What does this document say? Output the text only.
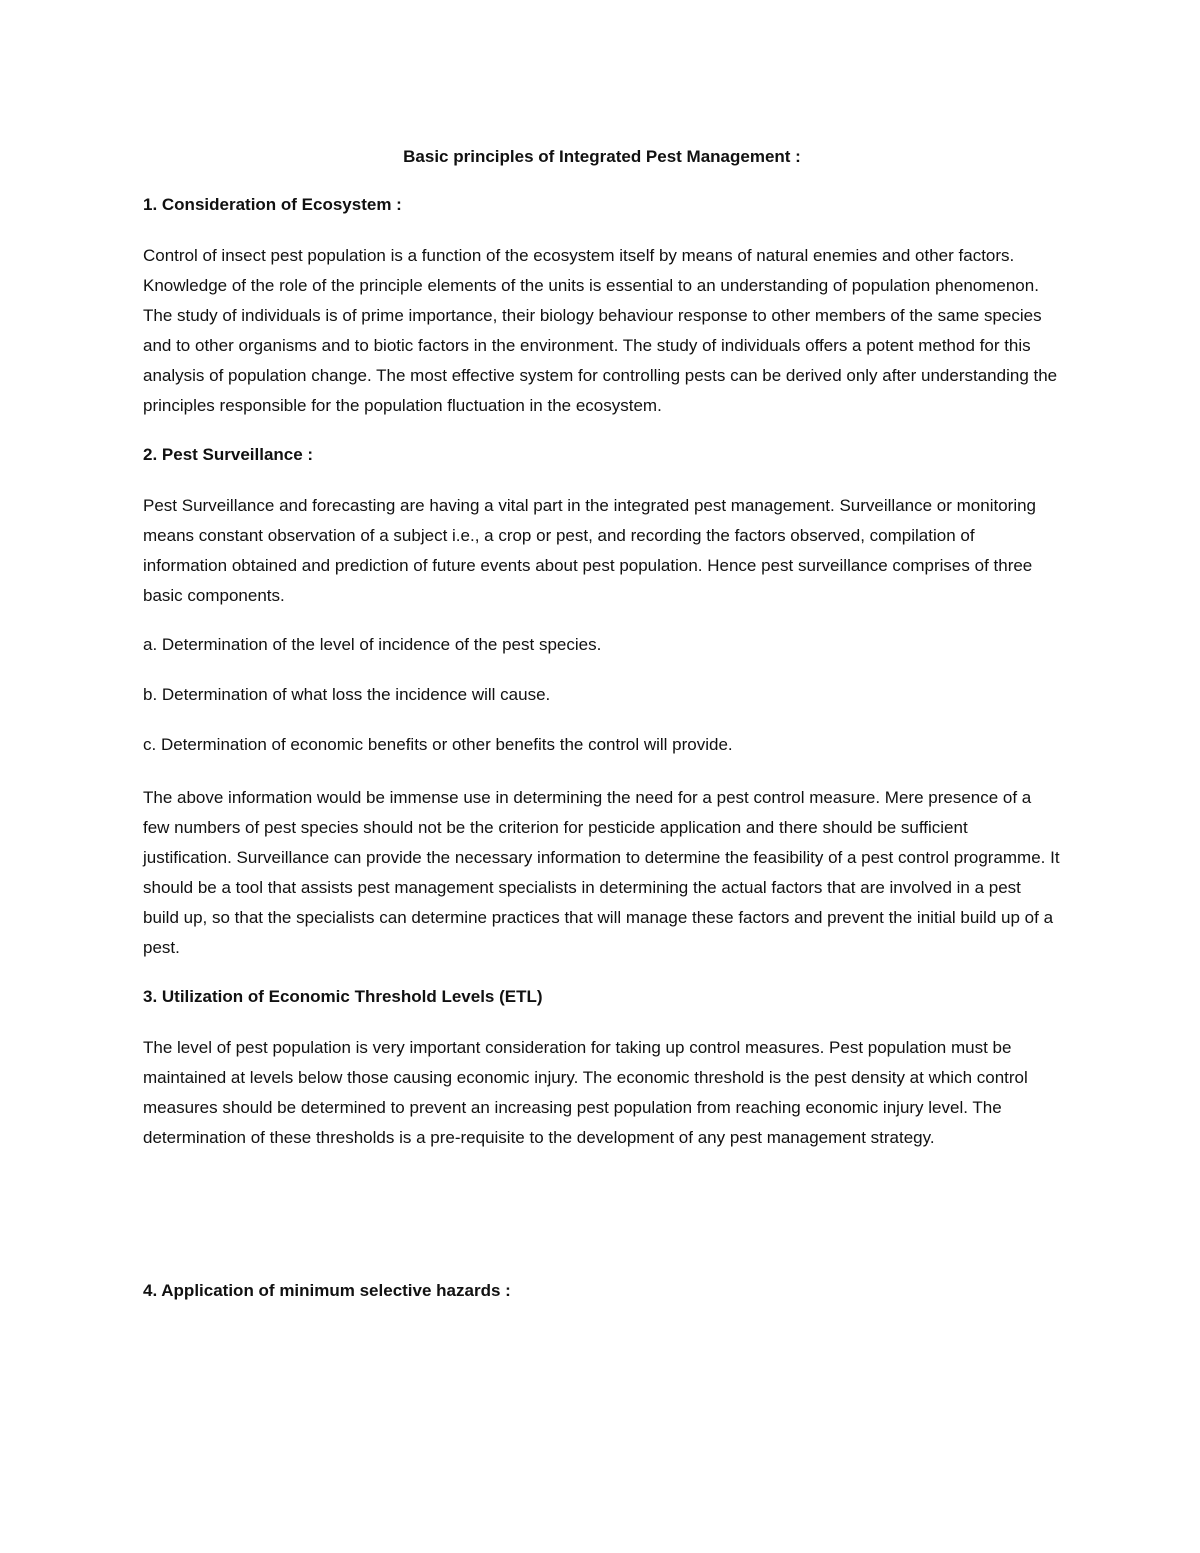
Basic principles of Integrated Pest Management :
1. Consideration of Ecosystem :
Control of insect pest population is a function of the ecosystem itself by means of natural enemies and other factors. Knowledge of the role of the principle elements of the units is essential to an understanding of population phenomenon. The study of individuals is of prime importance, their biology behaviour response to other members of the same species and to other organisms and to biotic factors in the environment. The study of individuals offers a potent method for this analysis of population change. The most effective system for controlling pests can be derived only after understanding the principles responsible for the population fluctuation in the ecosystem.
2. Pest Surveillance :
Pest Surveillance and forecasting are having a vital part in the integrated pest management. Surveillance or monitoring means constant observation of a subject i.e., a crop or pest, and recording the factors observed, compilation of information obtained and prediction of future events about pest population. Hence pest surveillance comprises of three basic components.
a. Determination of the level of incidence of the pest species.
b. Determination of what loss the incidence will cause.
c. Determination of economic benefits or other benefits the control will provide.
The above information would be immense use in determining the need for a pest control measure. Mere presence of a few numbers of pest species should not be the criterion for pesticide application and there should be sufficient justification. Surveillance can provide the necessary information to determine the feasibility of a pest control programme. It should be a tool that assists pest management specialists in determining the actual factors that are involved in a pest build up, so that the specialists can determine practices that will manage these factors and prevent the initial build up of a pest.
3. Utilization of Economic Threshold Levels (ETL)
The level of pest population is very important consideration for taking up control measures. Pest population must be maintained at levels below those causing economic injury. The economic threshold is the pest density at which control measures should be determined to prevent an increasing pest population from reaching economic injury level. The determination of these thresholds is a pre-requisite to the development of any pest management strategy.
4. Application of minimum selective hazards :
